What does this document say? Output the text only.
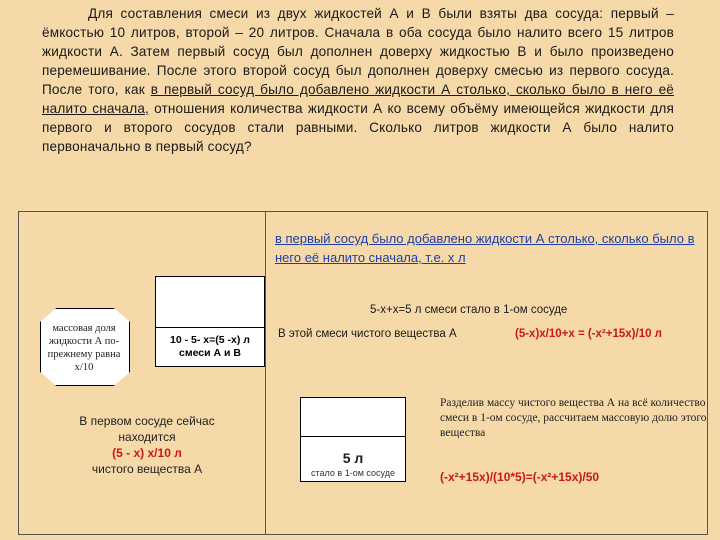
Для составления смеси из двух жидкостей А и В были взяты два сосуда: первый – ёмкостью 10 литров, второй – 20 литров. Сначала в оба сосуда было налито всего 15 литров жидкости А. Затем первый сосуд был дополнен доверху жидкостью В и было произведено перемешивание. После этого второй сосуд был дополнен доверху смесью из первого сосуда. После того, как в первый сосуд было добавлено жидкости А столько, сколько было в него её налито сначала, отношения количества жидкости А ко всему объёму имеющейся жидкости для первого и второго сосудов стали равными. Сколько литров жидкости А было налито первоначально в первый сосуд?
в первый сосуд было добавлено жидкости А столько, сколько было в него её налито сначала, т.е. х л
10 - 5- х=(5 -х) л смеси А и В
массовая доля жидкости А по-прежнему равна х/10
В первом сосуде сейчас
находится
(5 - х) х/10 л
чистого вещества А
5-х+х=5 л смеси стало в 1-ом сосуде
В этой смеси чистого вещества А	(5-х)х/10+х = (-х²+15х)/10 л
5 л
стало в 1-ом сосуде
Разделив массу чистого вещества А на всё количество смеси в 1-ом сосуде, рассчитаем массовую долю этого вещества
(-х²+15х)/(10*5)=(-х²+15х)/50
